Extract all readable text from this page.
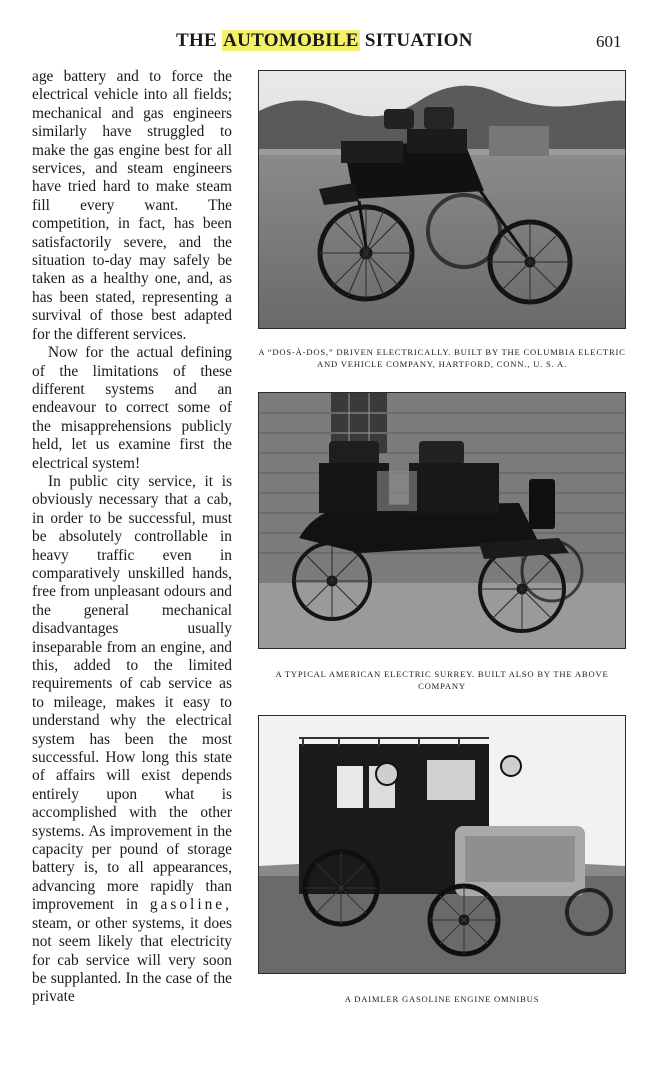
THE AUTOMOBILE SITUATION	601

age battery and to force the electrical vehicle into all fields; mechanical and gas engineers similarly have struggled to make the gas engine best for all services, and steam engineers have tried hard to make steam fill every want. The competition, in fact, has been satisfactorily severe, and the situation to-day may safely be taken as a healthy one, and, as has been stated, representing a survival of those best adapted for the different services.

Now for the actual defining of the limitations of these different systems and an endeavour to correct some of the misapprehensions publicly held, let us examine first the electrical system!

In public city service, it is obviously necessary that a cab, in order to be successful, must be absolutely controllable in heavy traffic even in comparatively unskilled hands, free from unpleasant odours and the general mechanical disadvantages usually inseparable from an engine, and this, added to the limited requirements of cab service as to mileage, makes it easy to understand why the electrical system has been the most successful. How long this state of affairs will exist depends entirely upon what is accomplished with the other systems. As improvement in the capacity per pound of storage battery is, to all appearances, advancing more rapidly than improvement in gasoline, steam, or other systems, it does not seem likely that electricity for cab service will very soon be supplanted. In the case of the private

A “DOS-À-DOS,” DRIVEN ELECTRICALLY. BUILT BY THE COLUMBIA ELECTRIC AND VEHICLE COMPANY, HARTFORD, CONN., U. S. A.
A TYPICAL AMERICAN ELECTRIC SURREY. BUILT ALSO BY THE ABOVE COMPANY
A DAIMLER GASOLINE ENGINE OMNIBUS
